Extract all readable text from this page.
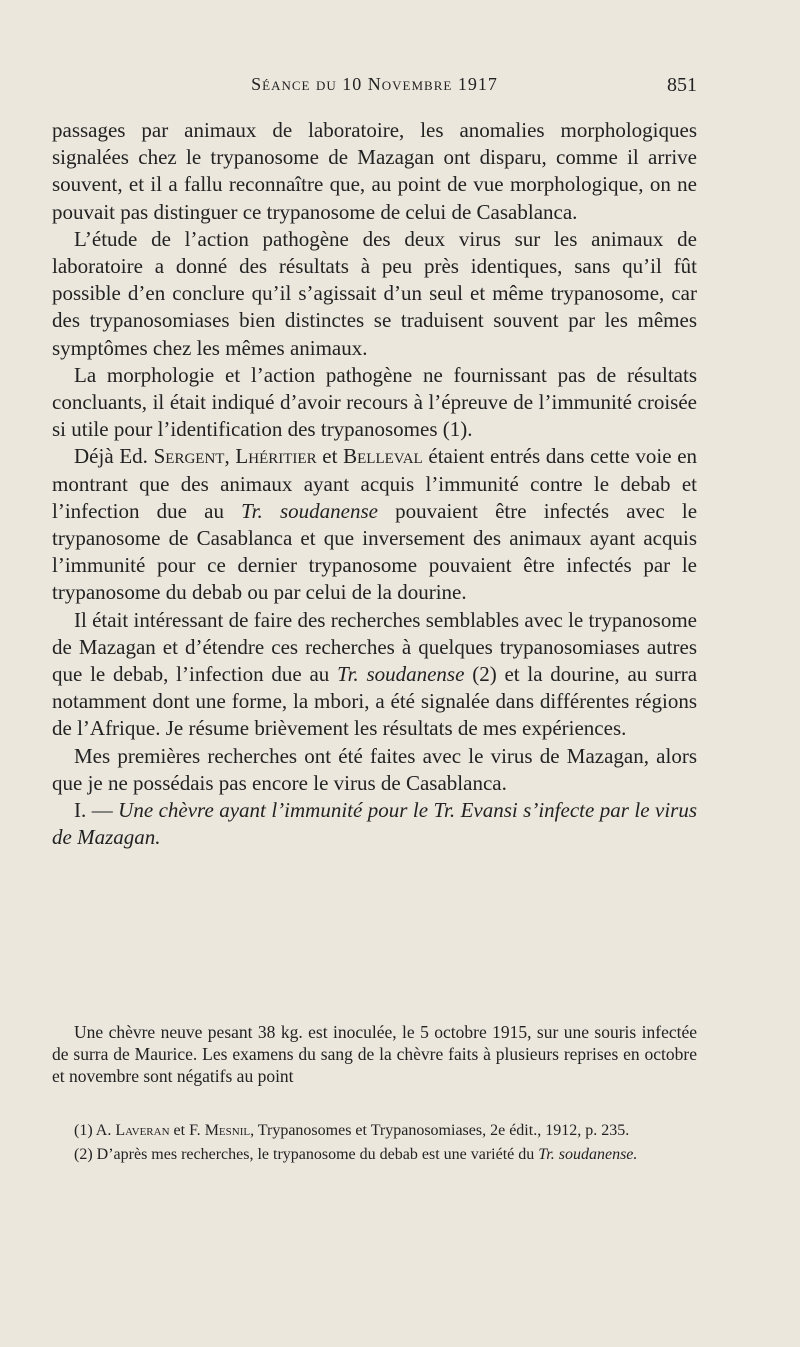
Séance du 10 Novembre 1917	851

passages par animaux de laboratoire, les anomalies morphologiques signalées chez le trypanosome de Mazagan ont disparu, comme il arrive souvent, et il a fallu reconnaître que, au point de vue morphologique, on ne pouvait pas distinguer ce trypanosome de celui de Casablanca.

L’étude de l’action pathogène des deux virus sur les animaux de laboratoire a donné des résultats à peu près identiques, sans qu’il fût possible d’en conclure qu’il s’agissait d’un seul et même trypanosome, car des trypanosomiases bien distinctes se traduisent souvent par les mêmes symptômes chez les mêmes animaux.

La morphologie et l’action pathogène ne fournissant pas de résultats concluants, il était indiqué d’avoir recours à l’épreuve de l’immunité croisée si utile pour l’identification des trypanosomes (1).

Déjà Ed. Sergent, Lhéritier et Belleval étaient entrés dans cette voie en montrant que des animaux ayant acquis l’immunité contre le debab et l’infection due au Tr. soudanense pouvaient être infectés avec le trypanosome de Casablanca et que inversement des animaux ayant acquis l’immunité pour ce dernier trypanosome pouvaient être infectés par le trypanosome du debab ou par celui de la dourine.

Il était intéressant de faire des recherches semblables avec le trypanosome de Mazagan et d’étendre ces recherches à quelques trypanosomiases autres que le debab, l’infection due au Tr. soudanense (2) et la dourine, au surra notamment dont une forme, la mbori, a été signalée dans différentes régions de l’Afrique. Je résume brièvement les résultats de mes expériences.

Mes premières recherches ont été faites avec le virus de Mazagan, alors que je ne possédais pas encore le virus de Casablanca.

I. — Une chèvre ayant l’immunité pour le Tr. Evansi s’infecte par le virus de Mazagan.

Une chèvre neuve pesant 38 kg. est inoculée, le 5 octobre 1915, sur une souris infectée de surra de Maurice. Les examens du sang de la chèvre faits à plusieurs reprises en octobre et novembre sont négatifs au point

(1) A. Laveran et F. Mesnil, Trypanosomes et Trypanosomiases, 2e édit., 1912, p. 235.

(2) D’après mes recherches, le trypanosome du debab est une variété du Tr. soudanense.
